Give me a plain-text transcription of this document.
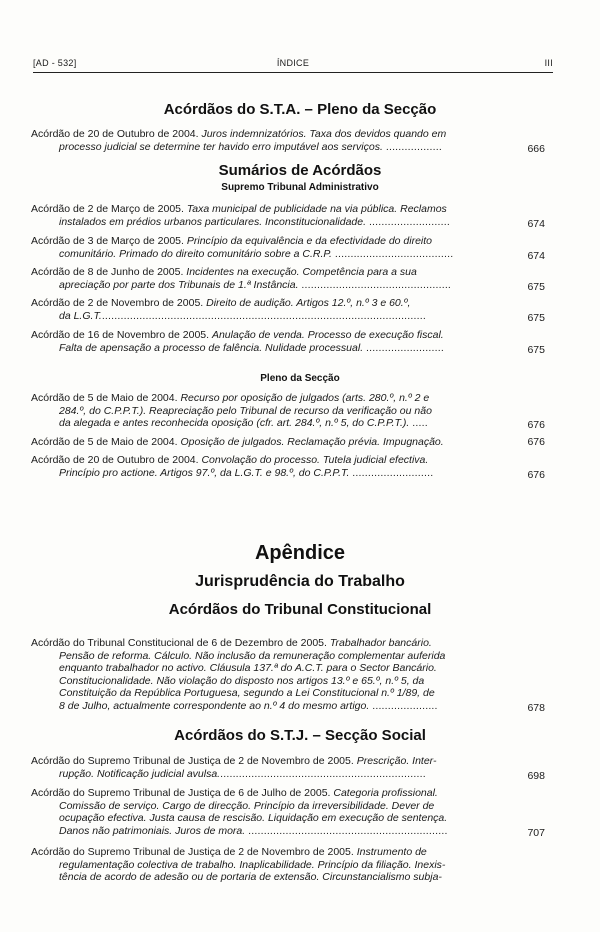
[AD - 532]	ÍNDICE	III
Acórdãos do S.T.A. – Pleno da Secção
Acórdão de 20 de Outubro de 2004. Juros indemnizatórios. Taxa dos devidos quando em
processo judicial se determine ter havido erro imputável aos serviços. ..................	666
Sumários de Acórdãos
Supremo Tribunal Administrativo
Acórdão de 2 de Março de 2005. Taxa municipal de publicidade na via pública. Reclamos
instalados em prédios urbanos particulares. Inconstitucionalidade. ..........................	674
Acórdão de 3 de Março de 2005. Princípio da equivalência e da efectividade do direito
comunitário. Primado do direito comunitário sobre a C.R.P. ......................................	674
Acórdão de 8 de Junho de 2005. Incidentes na execução. Competência para a sua
apreciação por parte dos Tribunais de 1.ª Instância. ................................................	675
Acórdão de 2 de Novembro de 2005. Direito de audição. Artigos 12.º, n.º 3 e 60.º,
da L.G.T.........................................................................................................	675
Acórdão de 16 de Novembro de 2005. Anulação de venda. Processo de execução fiscal.
Falta de apensação a processo de falência. Nulidade processual. .........................	675
Pleno da Secção
Acórdão de 5 de Maio de 2004. Recurso por oposição de julgados (arts. 280.º, n.º 2 e
284.º, do C.P.P.T.). Reapreciação pelo Tribunal de recurso da verificação ou não
da alegada e antes reconhecida oposição (cfr. art. 284.º, n.º 5, do C.P.P.T.). .....	676
Acórdão de 5 de Maio de 2004. Oposição de julgados. Reclamação prévia. Impugnação.	676
Acórdão de 20 de Outubro de 2004. Convolação do processo. Tutela judicial efectiva.
Princípio pro actione. Artigos 97.º, da L.G.T. e 98.º, do C.P.P.T. ..........................	676
Apêndice
Jurisprudência do Trabalho
Acórdãos do Tribunal Constitucional
Acórdão do Tribunal Constitucional de 6 de Dezembro de 2005. Trabalhador bancário.
Pensão de reforma. Cálculo. Não inclusão da remuneração complementar auferida
enquanto trabalhador no activo. Cláusula 137.ª do A.C.T. para o Sector Bancário.
Constitucionalidade. Não violação do disposto nos artigos 13.º e 65.º, n.º 5, da
Constituição da República Portuguesa, segundo a Lei Constitucional n.º 1/89, de
8 de Julho, actualmente correspondente ao n.º 4 do mesmo artigo. .....................	678
Acórdãos do S.T.J. – Secção Social
Acórdão do Supremo Tribunal de Justiça de 2 de Novembro de 2005. Prescrição. Inter-
rupção. Notificação judicial avulsa...................................................................	698
Acórdão do Supremo Tribunal de Justiça de 6 de Julho de 2005. Categoria profissional.
Comissão de serviço. Cargo de direcção. Princípio da irreversibilidade. Dever de
ocupação efectiva. Justa causa de rescisão. Liquidação em execução de sentença.
Danos não patrimoniais. Juros de mora. ................................................................	707
Acórdão do Supremo Tribunal de Justiça de 2 de Novembro de 2005. Instrumento de
regulamentação colectiva de trabalho. Inaplicabilidade. Princípio da filiação. Inexis-
tência de acordo de adesão ou de portaria de extensão. Circunstancialismo subja-
